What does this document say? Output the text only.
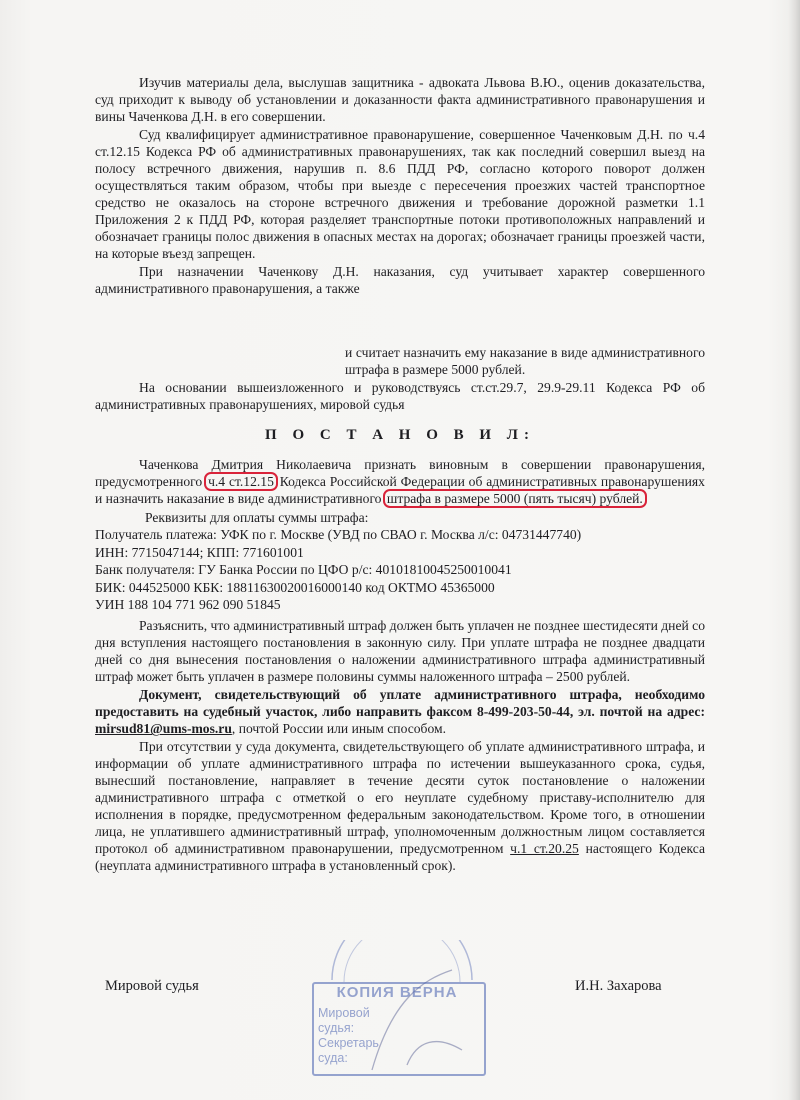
Изучив материалы дела, выслушав защитника - адвоката Львова В.Ю., оценив доказательства, суд приходит к выводу об установлении и доказанности факта административного правонарушения и вины Чаченкова Д.Н. в его совершении.

Суд квалифицирует административное правонарушение, совершенное Чаченковым Д.Н. по ч.4 ст.12.15 Кодекса РФ об административных правонарушениях, так как последний совершил выезд на полосу встречного движения, нарушив п. 8.6 ПДД РФ, согласно которого поворот должен осуществляться таким образом, чтобы при выезде с пересечения проезжих частей транспортное средство не оказалось на стороне встречного движения и требование дорожной разметки 1.1 Приложения 2 к ПДД РФ, которая разделяет транспортные потоки противоположных направлений и обозначает границы полос движения в опасных местах на дорогах; обозначает границы проезжей части, на которые въезд запрещен.

При назначении Чаченкову Д.Н. наказания, суд учитывает характер совершенного административного правонарушения, а также

и считает назначить ему наказание в виде административного штрафа в размере 5000 рублей.

На основании вышеизложенного и руководствуясь ст.ст.29.7, 29.9-29.11 Кодекса РФ об административных правонарушениях, мировой судья

П О С Т А Н О В И Л:

Чаченкова Дмитрия Николаевича признать виновным в совершении правонарушения, предусмотренного ч.4 ст.12.15 Кодекса Российской Федерации об административных правонарушениях и назначить наказание в виде административного штрафа в размере 5000 (пять тысяч) рублей.

Реквизиты для оплаты суммы штрафа:

Получатель платежа: УФК по г. Москве (УВД по СВАО г. Москва л/с: 04731447740)

ИНН: 7715047144; КПП: 771601001

Банк получателя: ГУ Банка России по ЦФО р/с: 40101810045250010041

БИК: 044525000 КБК: 18811630020016000140 код ОКТМО 45365000

УИН 188 104 771 962 090 51845

Разъяснить, что административный штраф должен быть уплачен не позднее шестидесяти дней со дня вступления настоящего постановления в законную силу. При уплате штрафа не позднее двадцати дней со дня вынесения постановления о наложении административного штрафа административный штраф может быть уплачен в размере половины суммы наложенного штрафа – 2500 рублей.

Документ, свидетельствующий об уплате административного штрафа, необходимо предоставить на судебный участок, либо направить факсом 8-499-203-50-44, эл. почтой на адрес: mirsud81@ums-mos.ru, почтой России или иным способом.

При отсутствии у суда документа, свидетельствующего об уплате административного штрафа, и информации об уплате административного штрафа по истечении вышеуказанного срока, судья, вынесший постановление, направляет в течение десяти суток постановление о наложении административного штрафа с отметкой о его неуплате судебному приставу-исполнителю для исполнения в порядке, предусмотренном федеральным законодательством. Кроме того, в отношении лица, не уплатившего административный штраф, уполномоченным должностным лицом составляется протокол об административном правонарушении, предусмотренном ч.1 ст.20.25 настоящего Кодекса (неуплата административного штрафа в установленный срок).

КОПИЯ ВЕРНА
Мировой
судья:
Секретарь
суда:
Мировой судья	И.Н. Захарова
